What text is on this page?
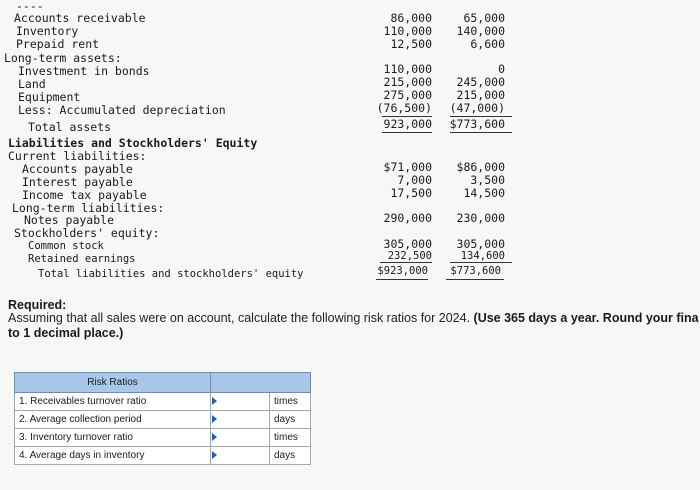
----
Accounts receivable	86,000	65,000
Inventory	110,000	140,000
Prepaid rent	12,500	6,600
Long-term assets:
Investment in bonds	110,000	0
Land	215,000	245,000
Equipment	275,000	215,000
Less: Accumulated depreciation	(76,500)	(47,000)
Total assets	923,000	$773,600
Liabilities and Stockholders' Equity
Current liabilities:
Accounts payable	$71,000	$86,000
Interest payable	7,000	3,500
Income tax payable	17,500	14,500
Long-term liabilities:
Notes payable	290,000	230,000
Stockholders' equity:
Common stock	305,000	305,000
Retained earnings	232,500	134,600
Total liabilities and stockholders' equity	$923,000	$773,600
Required:
Assuming that all sales were on account, calculate the following risk ratios for 2024. (Use 365 days a year. Round your fina
to 1 decimal place.)
Risk Ratios		
1. Receivables turnover ratio		times
2. Average collection period		days
3. Inventory turnover ratio		times
4. Average days in inventory		days
